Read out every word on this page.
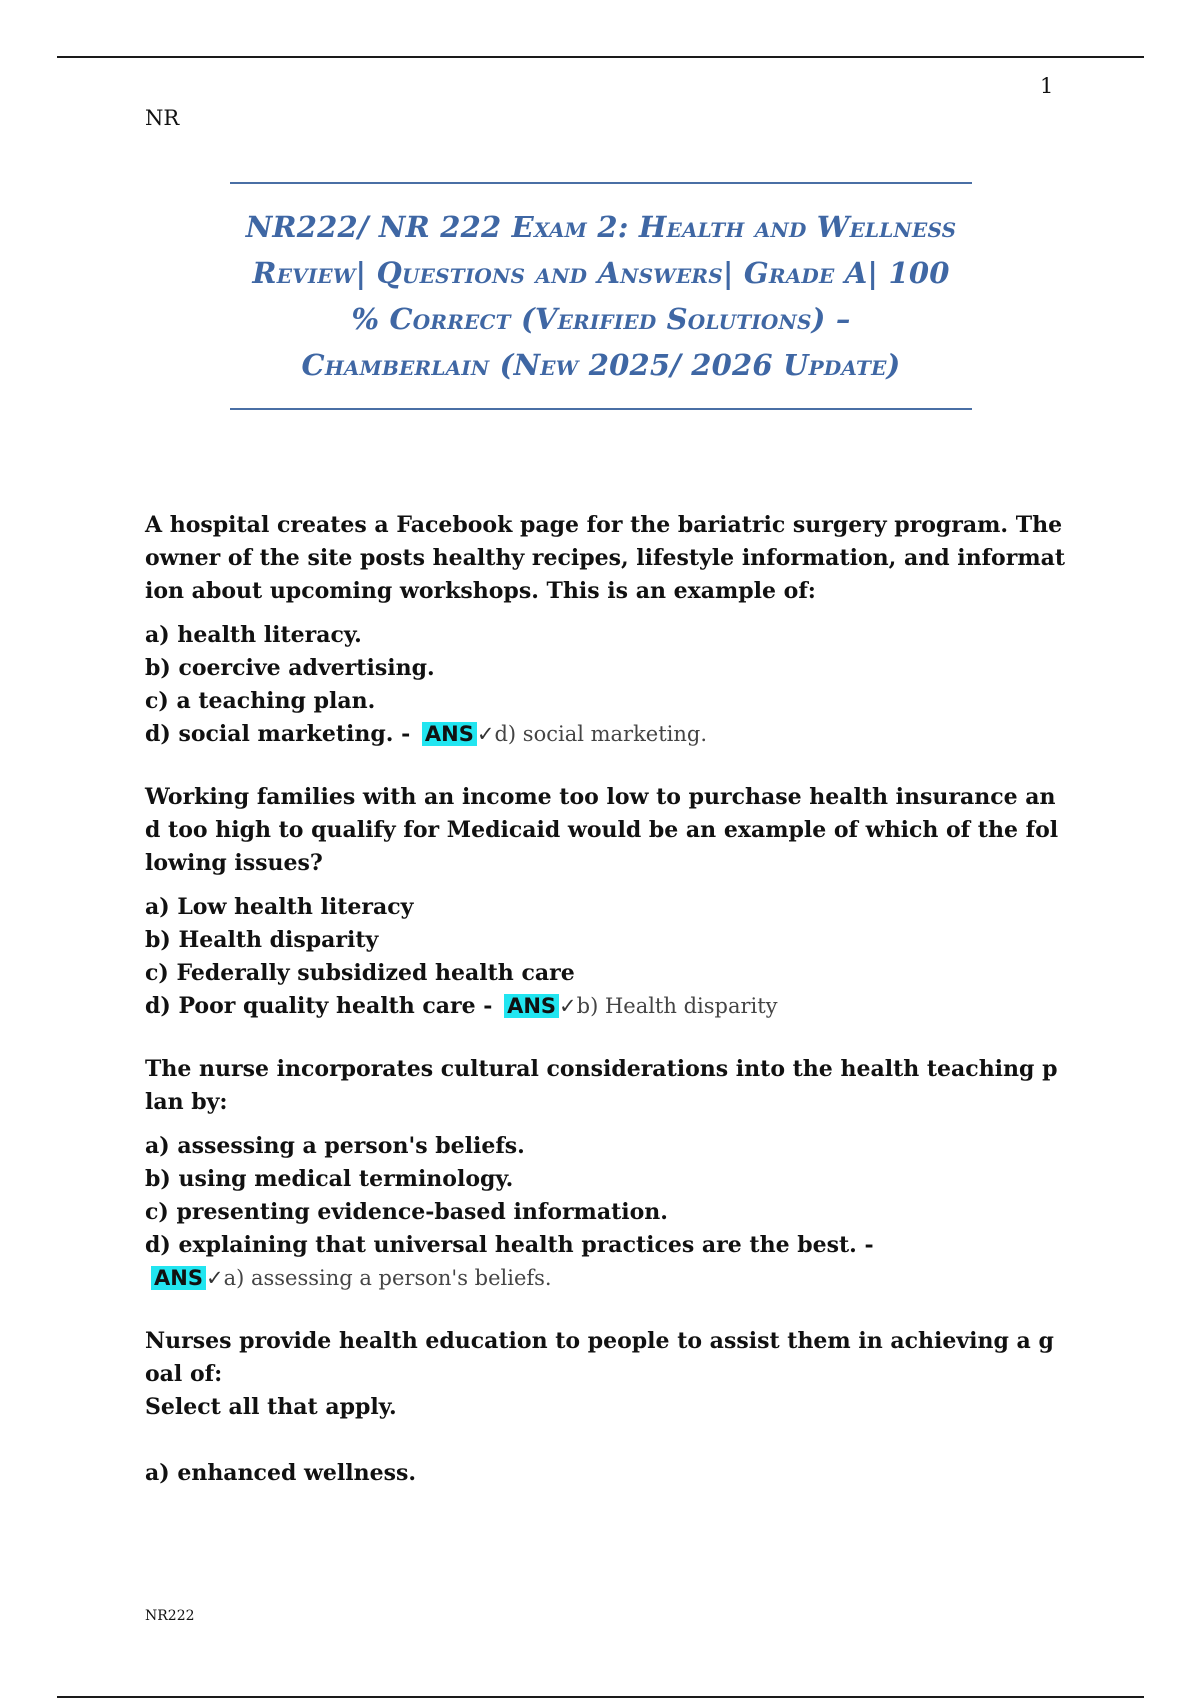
1
NR
NR222/ NR 222 Exam 2: Health and Wellness
Review| Questions and Answers| Grade A| 100
% Correct (Verified Solutions) –
Chamberlain (New 2025/ 2026 Update)

A hospital creates a Facebook page for the bariatric surgery program. The owner of the site posts healthy recipes, lifestyle information, and information about upcoming workshops. This is an example of:

a) health literacy.

b) coercive advertising.

c) a teaching plan.

d) social marketing. - ANS ✓d) social marketing.

Working families with an income too low to purchase health insurance and too high to qualify for Medicaid would be an example of which of the following issues?

a) Low health literacy

b) Health disparity

c) Federally subsidized health care

d) Poor quality health care - ANS ✓b) Health disparity

The nurse incorporates cultural considerations into the health teaching plan by:

a) assessing a person's beliefs.

b) using medical terminology.

c) presenting evidence-based information.

d) explaining that universal health practices are the best. -

ANS ✓a) assessing a person's beliefs.

Nurses provide health education to people to assist them in achieving a goal of:

Select all that apply.

a) enhanced wellness.

NR222
